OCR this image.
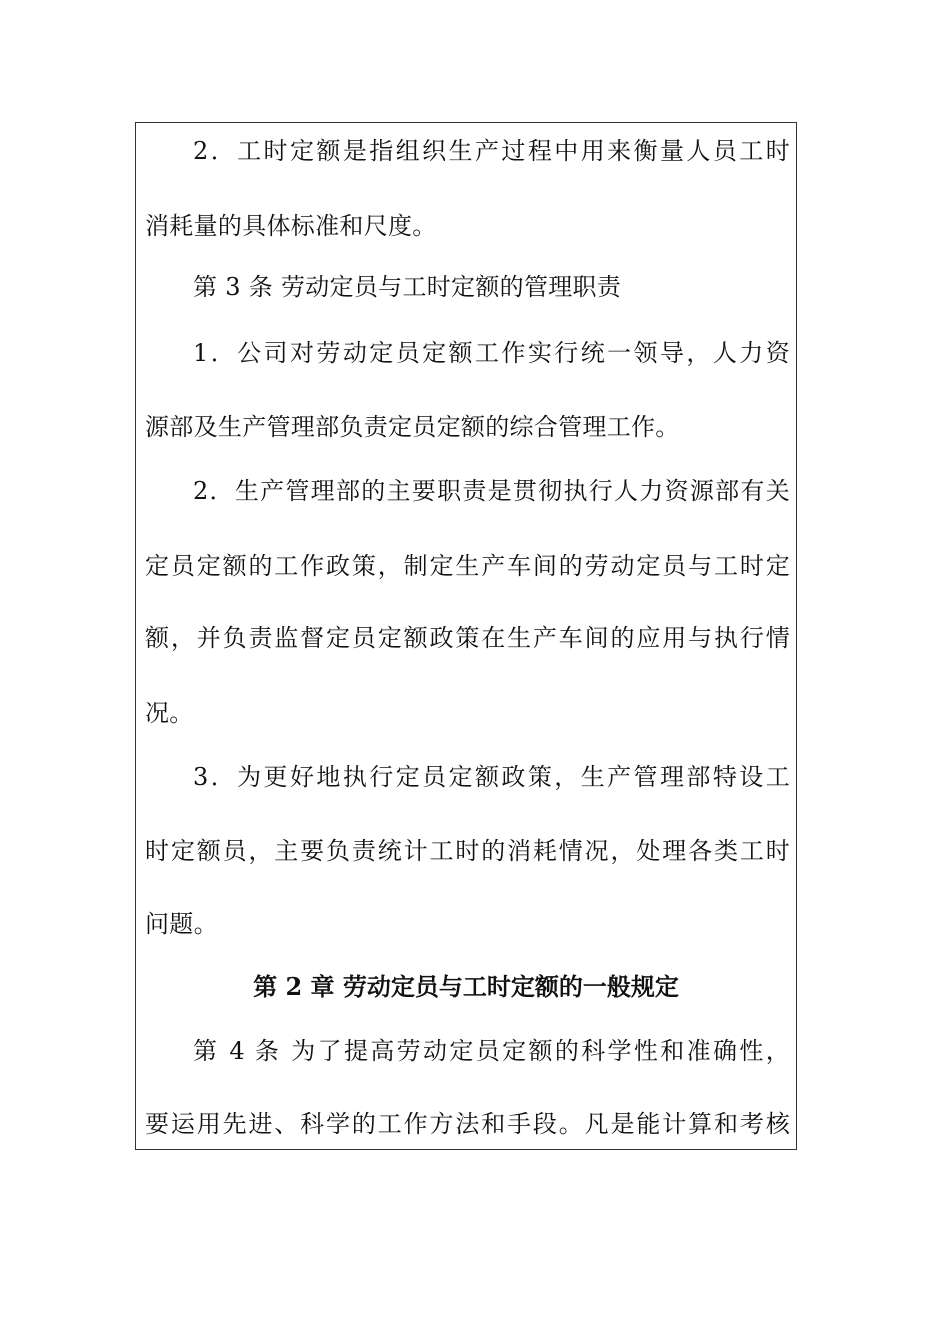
2．工时定额是指组织生产过程中用来衡量人员工时
消耗量的具体标准和尺度。
第 3 条 劳动定员与工时定额的管理职责
1．公司对劳动定员定额工作实行统一领导，人力资
源部及生产管理部负责定员定额的综合管理工作。
2．生产管理部的主要职责是贯彻执行人力资源部有关
定员定额的工作政策，制定生产车间的劳动定员与工时定
额，并负责监督定员定额政策在生产车间的应用与执行情
况。
3．为更好地执行定员定额政策，生产管理部特设工
时定额员，主要负责统计工时的消耗情况，处理各类工时
问题。
第 2 章 劳动定员与工时定额的一般规定
第 4 条 为了提高劳动定员定额的科学性和准确性，
要运用先进、科学的工作方法和手段。凡是能计算和考核
